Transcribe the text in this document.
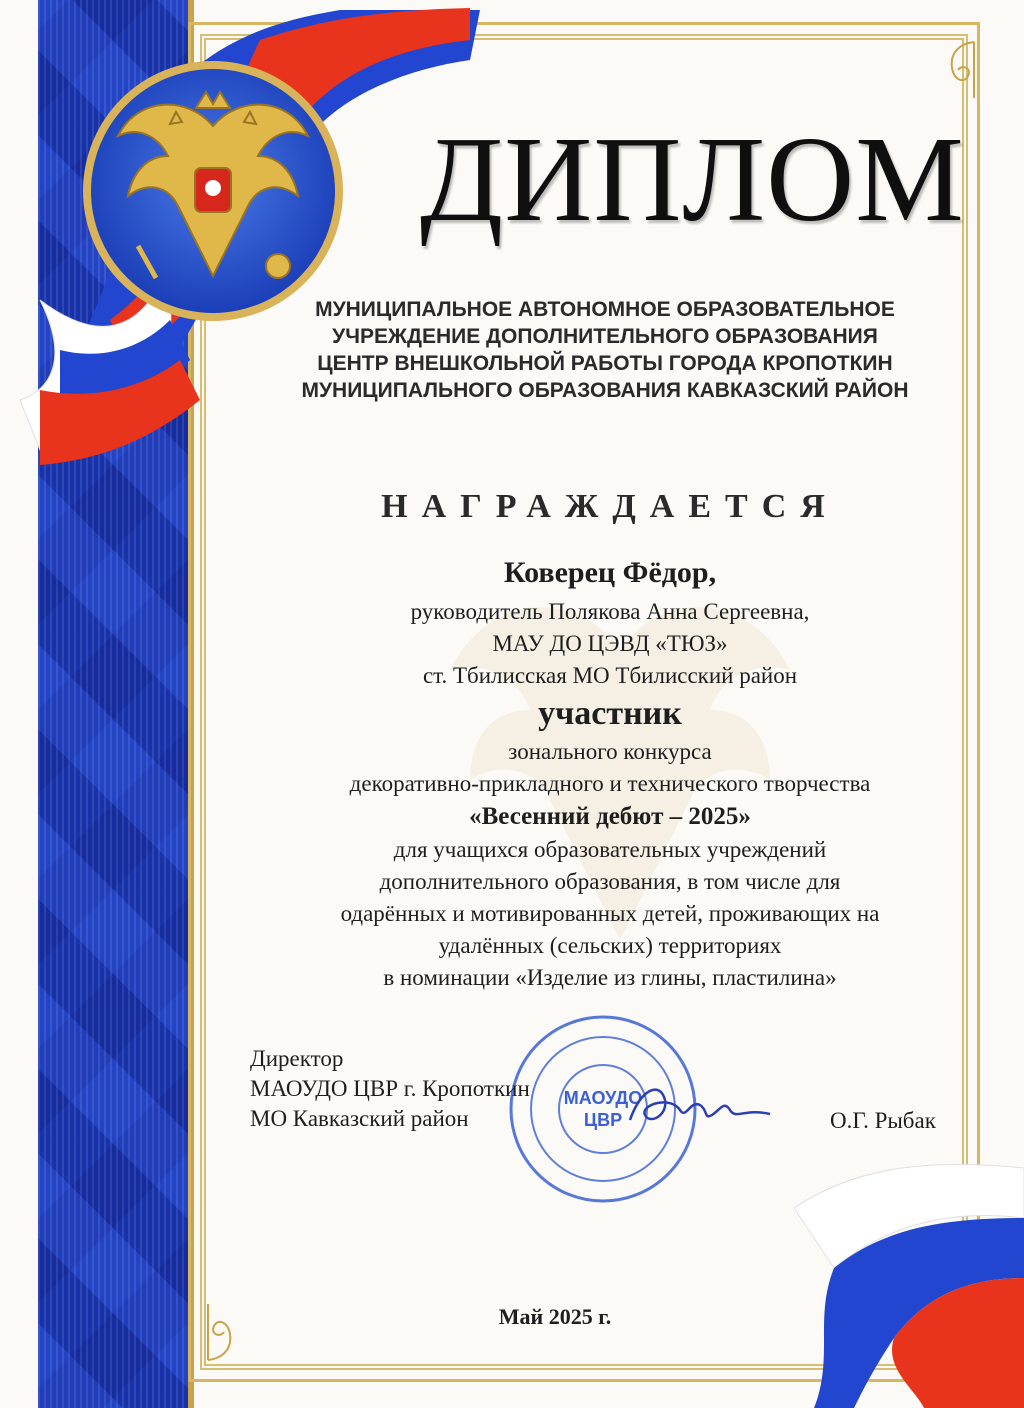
ДИПЛОМ
МУНИЦИПАЛЬНОЕ АВТОНОМНОЕ ОБРАЗОВАТЕЛЬНОЕ
УЧРЕЖДЕНИЕ ДОПОЛНИТЕЛЬНОГО ОБРАЗОВАНИЯ
ЦЕНТР ВНЕШКОЛЬНОЙ РАБОТЫ ГОРОДА КРОПОТКИН
МУНИЦИПАЛЬНОГО ОБРАЗОВАНИЯ КАВКАЗСКИЙ РАЙОН
НАГРАЖДАЕТСЯ
Коверец Фёдор,
руководитель Полякова Анна Сергеевна,
МАУ ДО ЦЭВД «ТЮЗ»
ст. Тбилисская МО Тбилисский район
участник
зонального конкурса
декоративно-прикладного и технического творчества
«Весенний дебют – 2025»
для учащихся образовательных учреждений
дополнительного образования, в том числе для
одарённых и мотивированных детей, проживающих на
удалённых (сельских) территориях
в номинации «Изделие из глины, пластилина»
МАОУДО
ЦВР
Директор
МАОУДО ЦВР г. Кропоткин
МО Кавказский район	О.Г. Рыбак
Май 2025 г.
